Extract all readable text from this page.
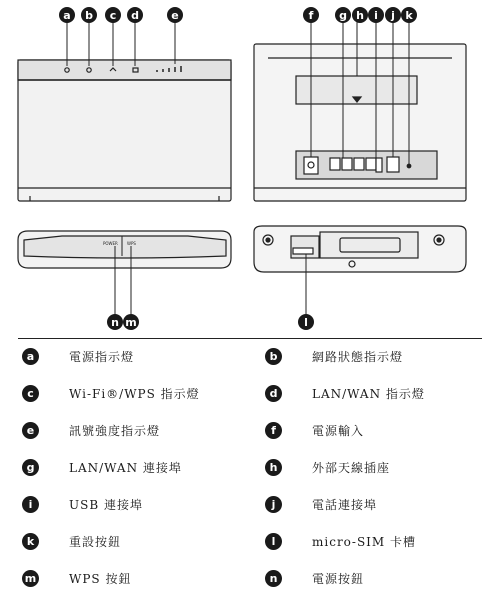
POWER WPS
a b c d	e	f g h i j k
n m	l
a	電源指示燈	b	網路狀態指示燈
c	Wi-Fi®/WPS 指示燈	d	LAN/WAN 指示燈
e	訊號強度指示燈	f	電源輸入
g	LAN/WAN 連接埠	h	外部天線插座
i	USB 連接埠	j	電話連接埠
k	重設按鈕	l	micro-SIM 卡槽
m	WPS 按鈕	n	電源按鈕
